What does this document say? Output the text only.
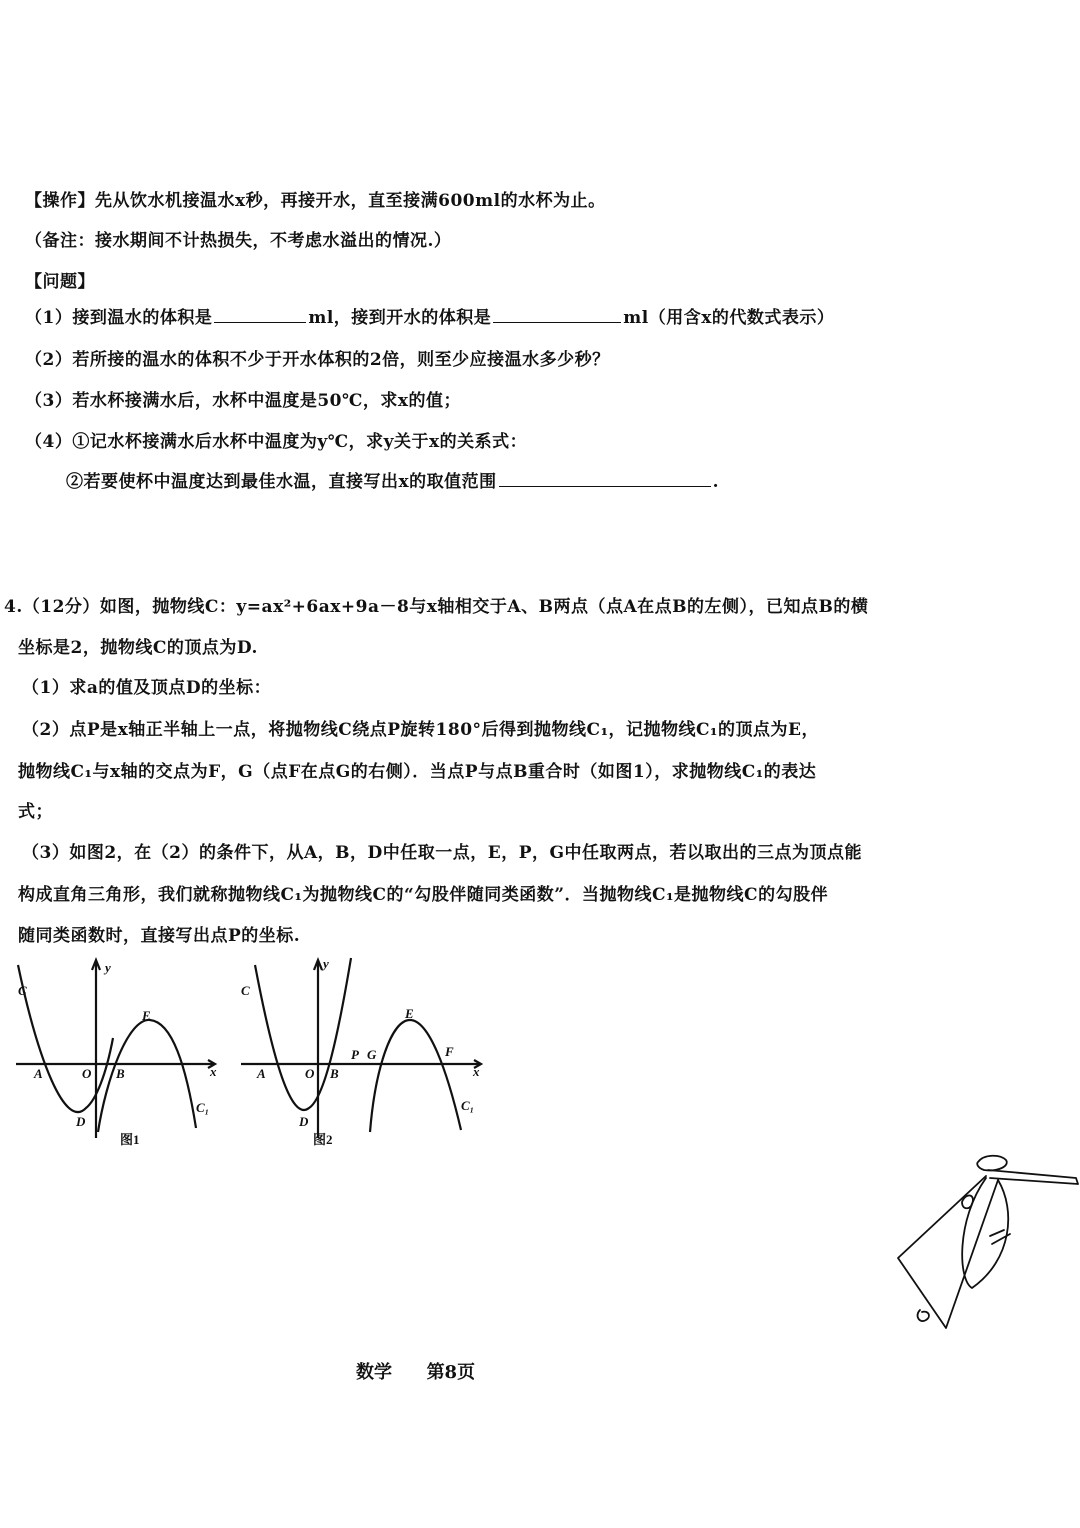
【操作】先从饮水机接温水x秒，再接开水，直至接满600ml的水杯为止。
（备注：接水期间不计热损失，不考虑水溢出的情况.）
【问题】
（1）接到温水的体积是	ml，接到开水的体积是	ml（用含x的代数式表示）
（2）若所接的温水的体积不少于开水体积的2倍，则至少应接温水多少秒？
（3）若水杯接满水后，水杯中温度是50℃，求x的值；
（4）①记水杯接满水后水杯中温度为y℃，求y关于x的关系式：
②若要使杯中温度达到最佳水温，直接写出x的取值范围	.
4.（12分）如图，抛物线C：y=ax²+6ax+9a－8与x轴相交于A、B两点（点A在点B的左侧），已知点B的横
坐标是2，抛物线C的顶点为D.
（1）求a的值及顶点D的坐标：
（2）点P是x轴正半轴上一点，将抛物线C绕点P旋转180°后得到抛物线C₁，记抛物线C₁的顶点为E，
抛物线C₁与x轴的交点为F，G（点F在点G的右侧）．当点P与点B重合时（如图1），求抛物线C₁的表达
式；
（3）如图2，在（2）的条件下，从A，B，D中任取一点，E，P，G中任取两点，若以取出的三点为顶点能
构成直角三角形，我们就称抛物线C₁为抛物线C的“勾股伴随同类函数”．当抛物线C₁是抛物线C的勾股伴
随同类函数时，直接写出点P的坐标.
y
x
C
E
A	O B
D
C₁
图1
y
x
C
E
A	O B
D
P G	F
C₁
图2
数学 第8页
